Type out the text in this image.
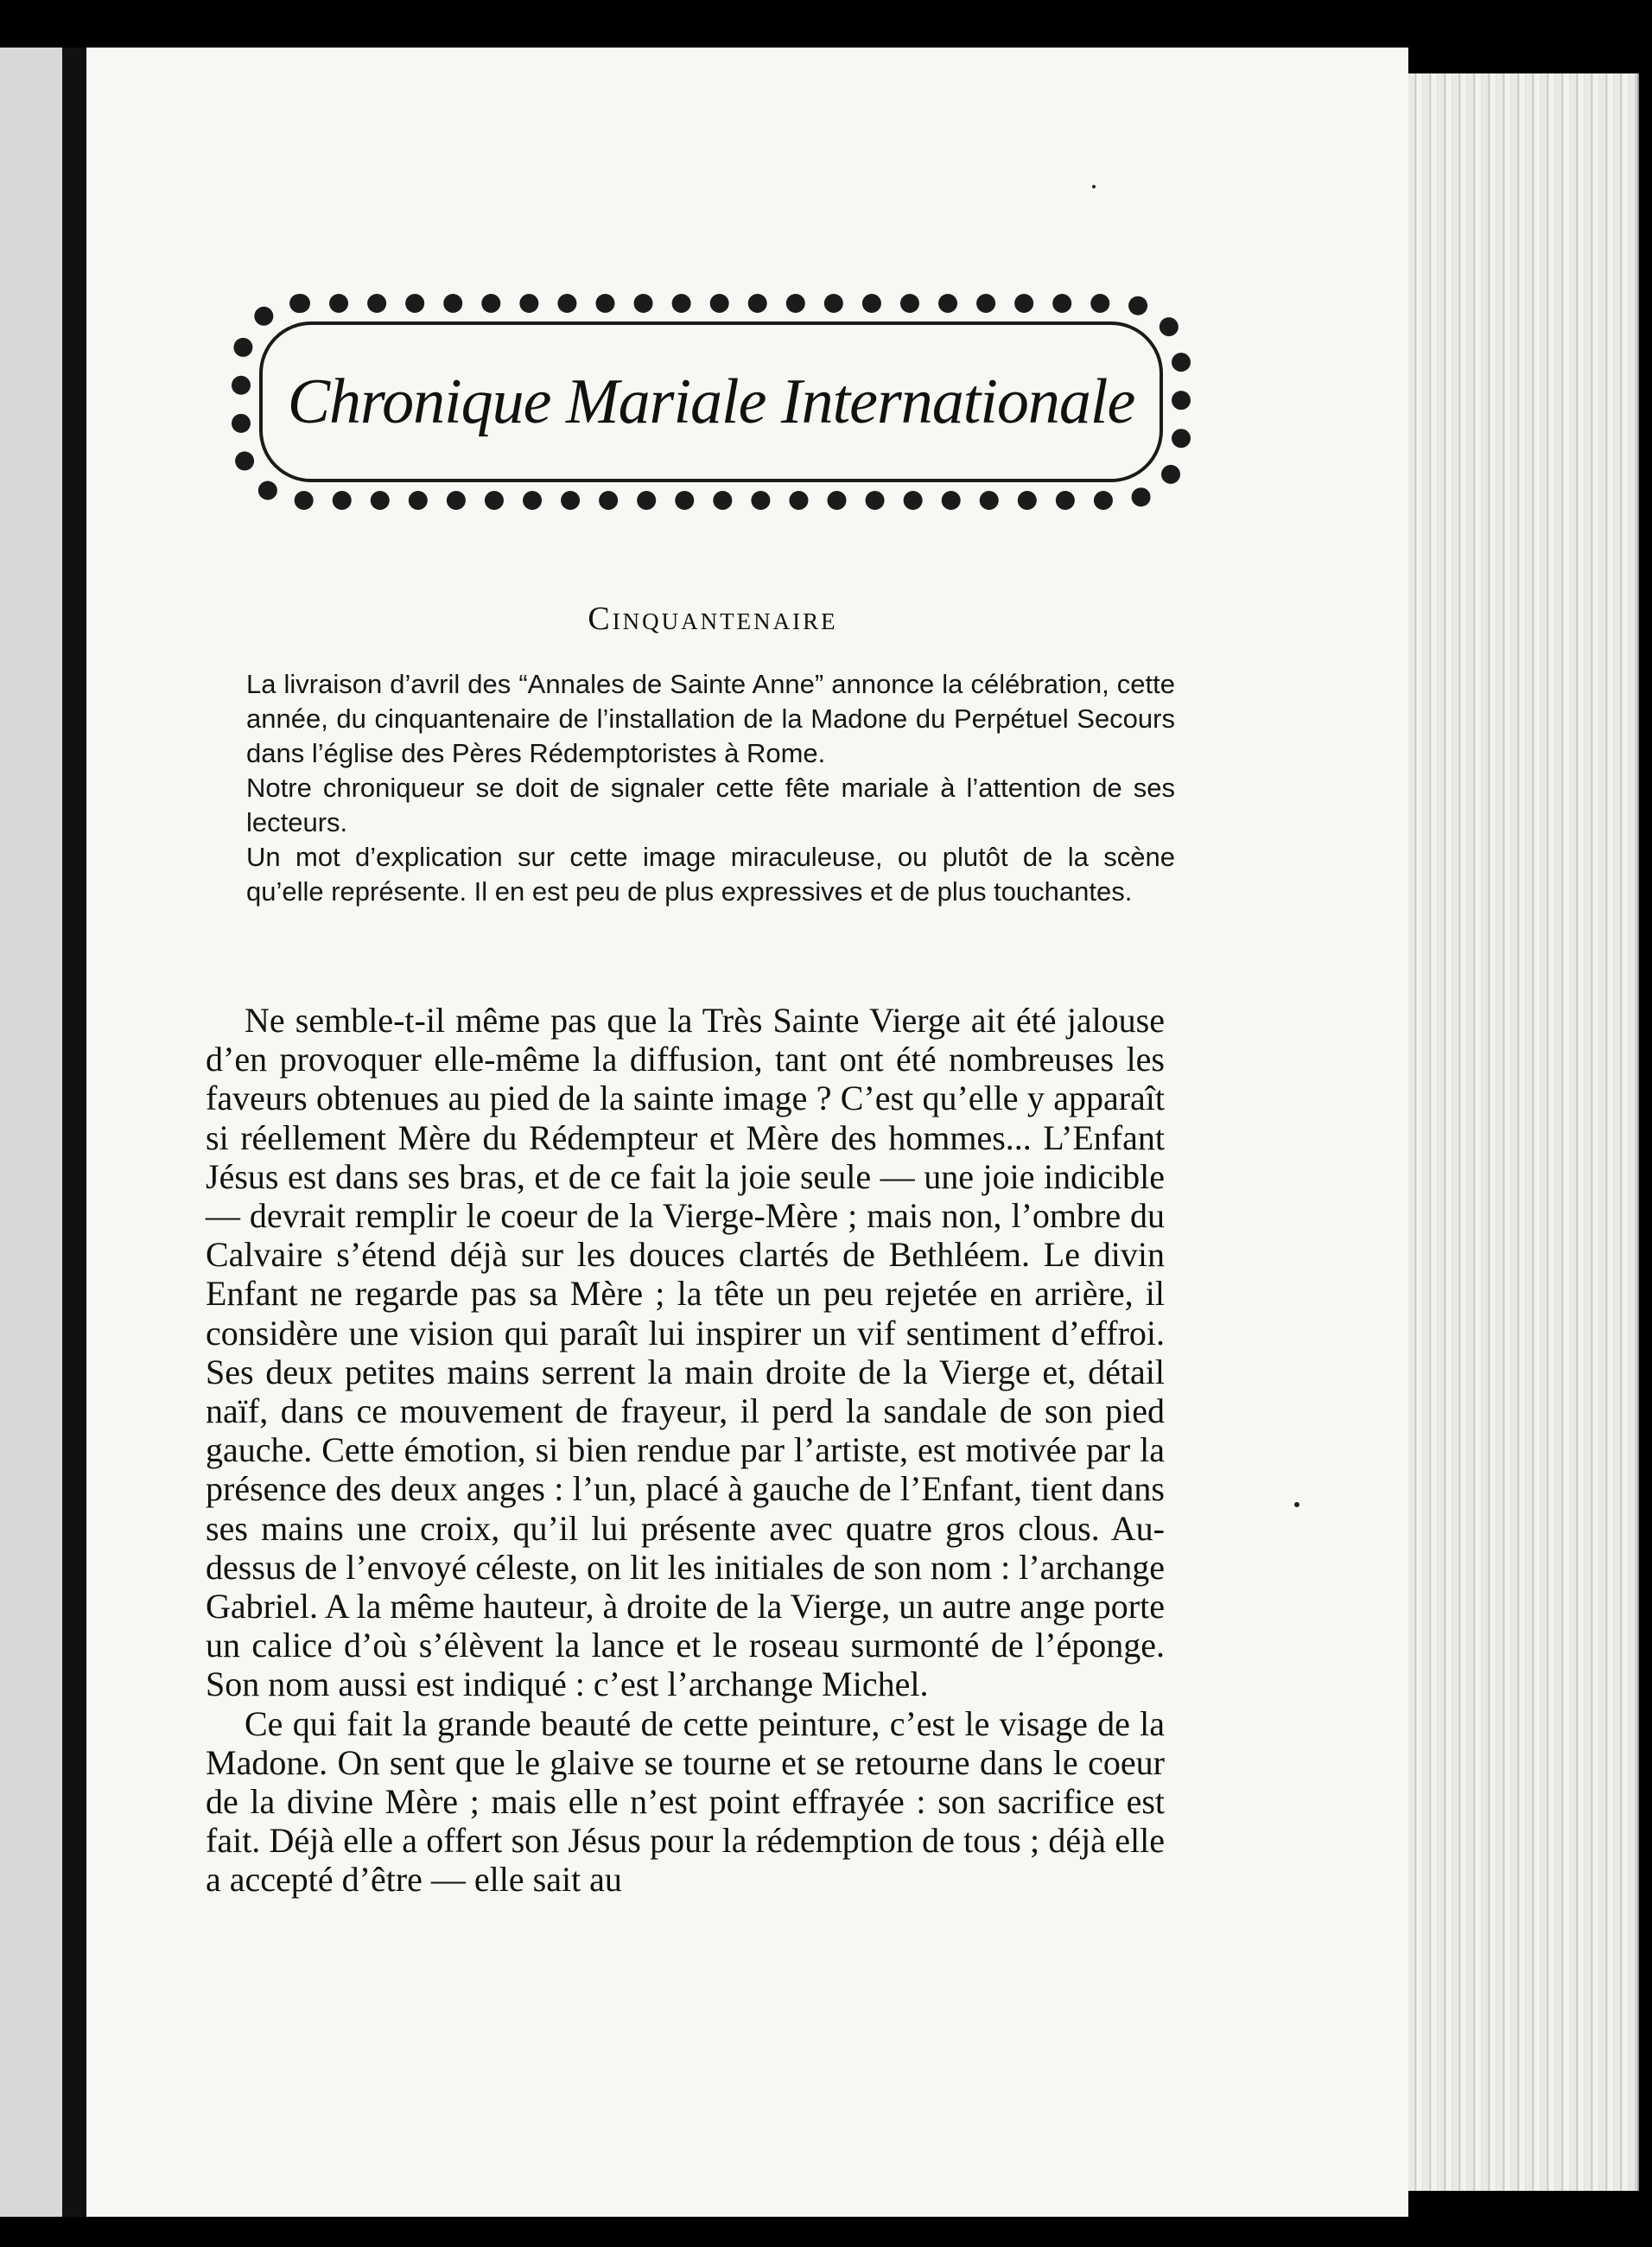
Chronique Mariale Internationale
Cinquantenaire

La livraison d’avril des “Annales de Sainte Anne” annonce la célébration, cette année, du cinquantenaire de l’installation de la Madone du Perpétuel Secours dans l’église des Pères Rédemptoristes à Rome.

Notre chroniqueur se doit de signaler cette fête mariale à l’attention de ses lecteurs.

Un mot d’explication sur cette image miraculeuse, ou plutôt de la scène qu’elle représente. Il en est peu de plus expressives et de plus touchantes.

Ne semble-t-il même pas que la Très Sainte Vierge ait été jalouse d’en provoquer elle-même la diffusion, tant ont été nombreuses les faveurs obtenues au pied de la sainte image ? C’est qu’elle y apparaît si réellement Mère du Rédempteur et Mère des hommes... L’Enfant Jésus est dans ses bras, et de ce fait la joie seule — une joie indicible — devrait remplir le coeur de la Vierge-Mère ; mais non, l’ombre du Calvaire s’étend déjà sur les douces clartés de Bethléem. Le divin Enfant ne regarde pas sa Mère ; la tête un peu rejetée en arrière, il considère une vision qui paraît lui inspirer un vif sentiment d’effroi. Ses deux petites mains serrent la main droite de la Vierge et, détail naïf, dans ce mouvement de frayeur, il perd la sandale de son pied gauche. Cette émotion, si bien rendue par l’artiste, est motivée par la présence des deux anges : l’un, placé à gauche de l’Enfant, tient dans ses mains une croix, qu’il lui présente avec quatre gros clous. Au-dessus de l’envoyé céleste, on lit les initiales de son nom : l’archange Gabriel. A la même hauteur, à droite de la Vierge, un autre ange porte un calice d’où s’élèvent la lance et le roseau surmonté de l’éponge. Son nom aussi est indiqué : c’est l’archange Michel.

Ce qui fait la grande beauté de cette peinture, c’est le visage de la Madone. On sent que le glaive se tourne et se retourne dans le coeur de la divine Mère ; mais elle n’est point effrayée : son sacrifice est fait. Déjà elle a offert son Jésus pour la rédemption de tous ; déjà elle a accepté d’être — elle sait au
